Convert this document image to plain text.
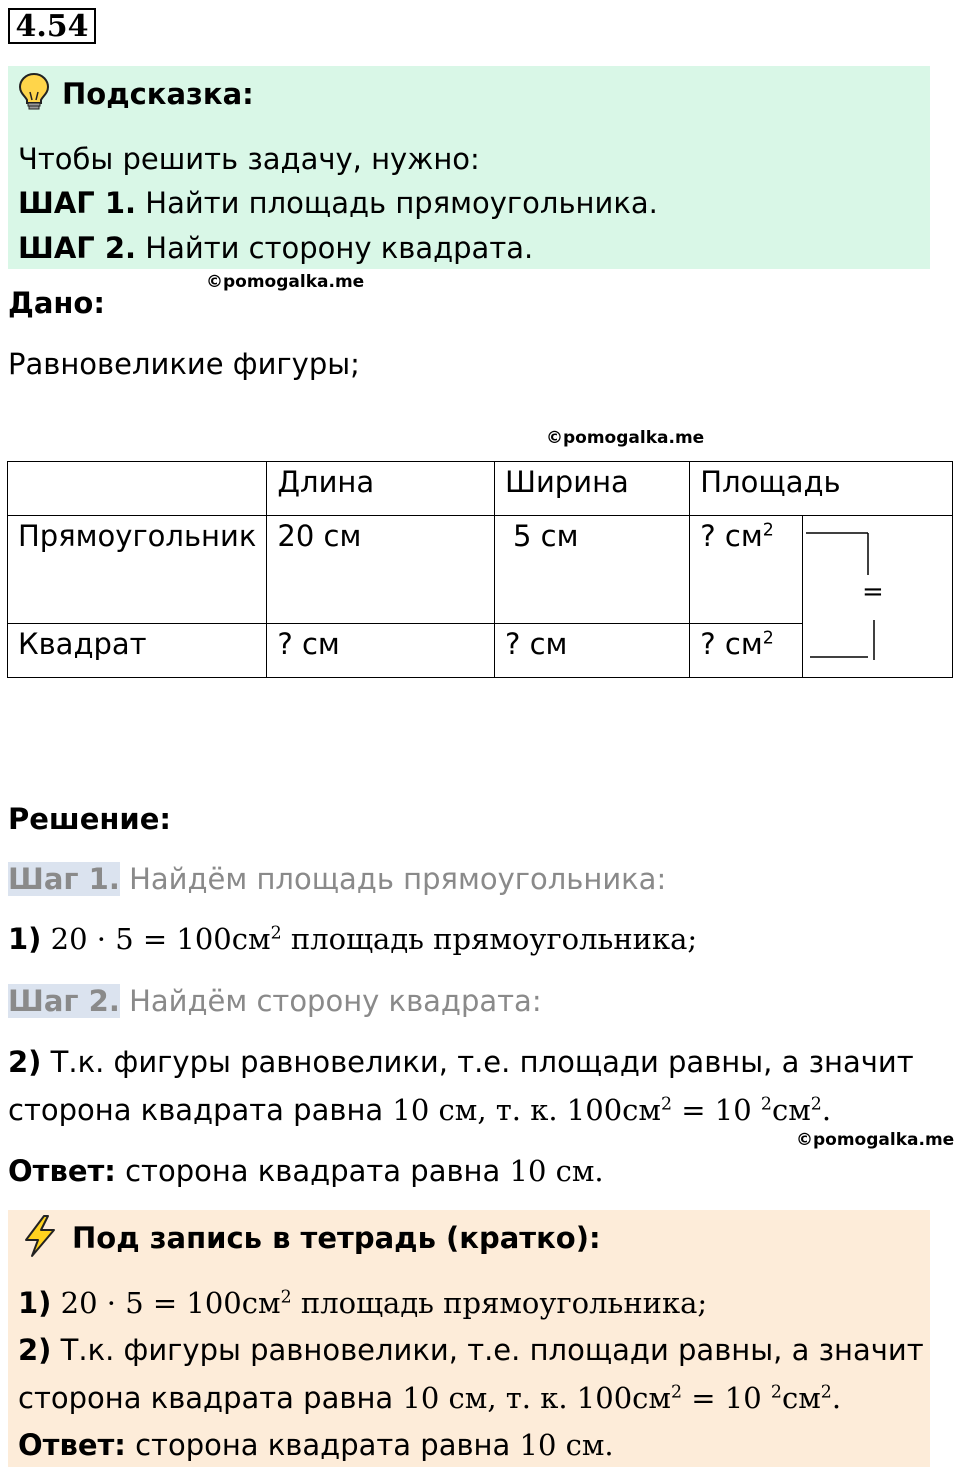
4.54
Подсказка:
Чтобы решить задачу, нужно:
ШАГ 1. Найти площадь прямоугольника.
ШАГ 2. Найти сторону квадрата.
©pomogalka.me
Дано:
Равновеликие фигуры;
©pomogalka.me
	Длина	Ширина	Площадь	
Прямоугольник	20 см	5 см	? $см^2$	
Квадрат	? см	? см	? $см^2$
=
Решение:
Шаг 1. Найдём площадь прямоугольника:
1) $20 \cdot 5 = 100см^2$ площадь прямоугольника;
Шаг 2. Найдём сторону квадрата:
2) Т.к. фигуры равновелики, т.е. площади равны, а значит
сторона квадрата равна 10 см, т. к. $100см^2 = 10$ $^2см^2$.
©pomogalka.me
Ответ: сторона квадрата равна 10 см.
Под запись в тетрадь (кратко):
1) $20 \cdot 5 = 100см^2$ площадь прямоугольника;
2) Т.к. фигуры равновелики, т.е. площади равны, а значит
сторона квадрата равна 10 см, т. к. $100см^2 = 10$ $^2см^2$.
Ответ: сторона квадрата равна 10 см.
